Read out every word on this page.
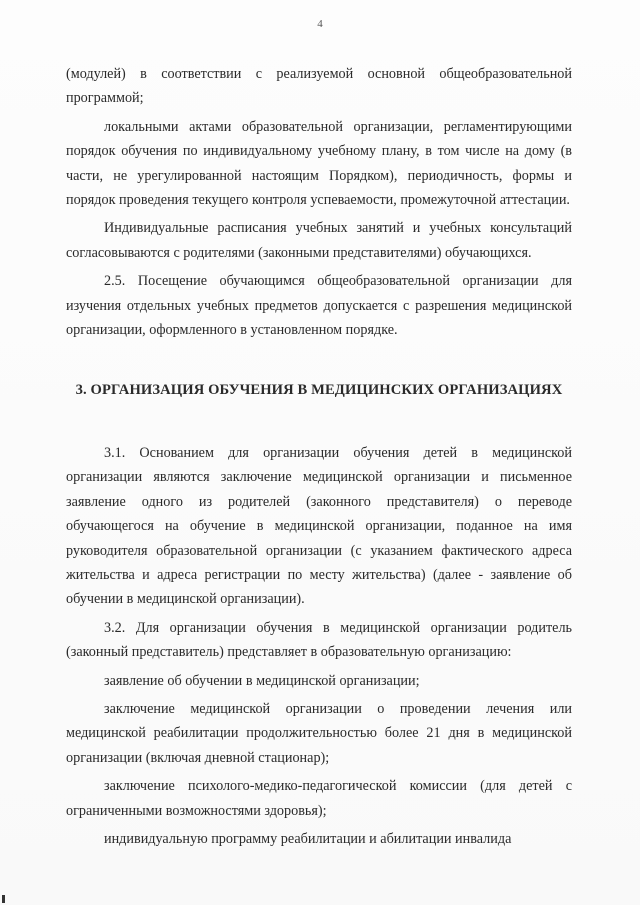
4

(модулей) в соответствии с реализуемой основной общеобразовательной программой;

локальными актами образовательной организации, регламентирующими порядок обучения по индивидуальному учебному плану, в том числе на дому (в части, не урегулированной настоящим Порядком), периодичность, формы и порядок проведения текущего контроля успеваемости, промежуточной аттестации.

Индивидуальные расписания учебных занятий и учебных консультаций согласовываются с родителями (законными представителями) обучающихся.

2.5. Посещение обучающимся общеобразовательной организации для изучения отдельных учебных предметов допускается с разрешения медицинской организации, оформленного в установленном порядке.

3. ОРГАНИЗАЦИЯ ОБУЧЕНИЯ В МЕДИЦИНСКИХ ОРГАНИЗАЦИЯХ

3.1. Основанием для организации обучения детей в медицинской организации являются заключение медицинской организации и письменное заявление одного из родителей (законного представителя) о переводе обучающегося на обучение в медицинской организации, поданное на имя руководителя образовательной организации (с указанием фактического адреса жительства и адреса регистрации по месту жительства) (далее - заявление об обучении в медицинской организации).

3.2. Для организации обучения в медицинской организации родитель (законный представитель) представляет в образовательную организацию:

заявление об обучении в медицинской организации;

заключение медицинской организации о проведении лечения или медицинской реабилитации продолжительностью более 21 дня в медицинской организации (включая дневной стационар);

заключение психолого-медико-педагогической комиссии (для детей с ограниченными возможностями здоровья);

индивидуальную программу реабилитации и абилитации инвалида
